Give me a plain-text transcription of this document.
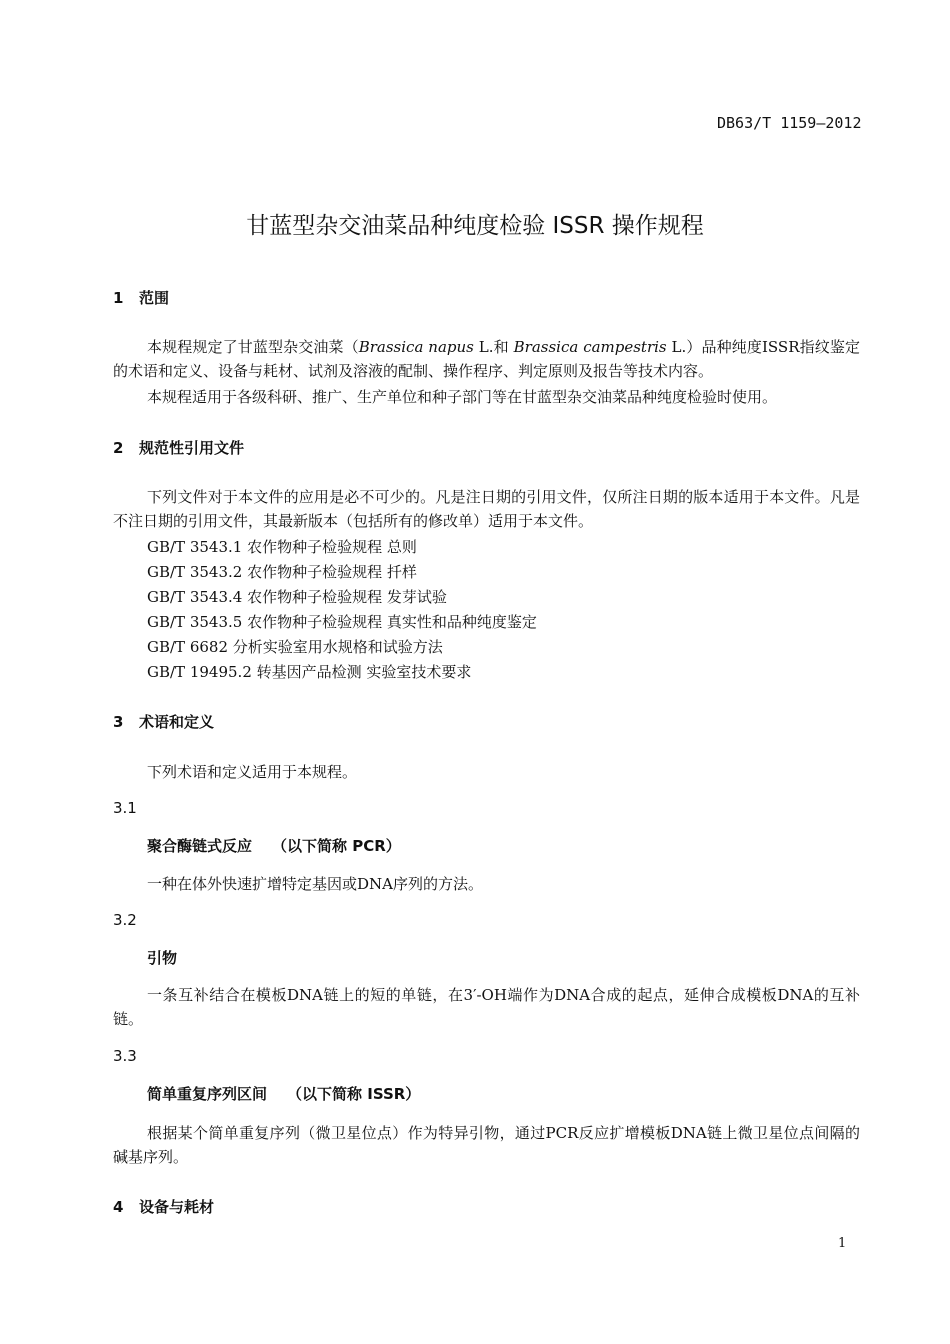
DB63/T 1159—2012
甘蓝型杂交油菜品种纯度检验 ISSR 操作规程
1 范围
本规程规定了甘蓝型杂交油菜（Brassica napus L.和 Brassica campestris L.）品种纯度ISSR指纹鉴定的术语和定义、设备与耗材、试剂及溶液的配制、操作程序、判定原则及报告等技术内容。
本规程适用于各级科研、推广、生产单位和种子部门等在甘蓝型杂交油菜品种纯度检验时使用。
2 规范性引用文件
下列文件对于本文件的应用是必不可少的。凡是注日期的引用文件，仅所注日期的版本适用于本文件。凡是不注日期的引用文件，其最新版本（包括所有的修改单）适用于本文件。
GB/T 3543.1 农作物种子检验规程 总则
GB/T 3543.2 农作物种子检验规程 扦样
GB/T 3543.4 农作物种子检验规程 发芽试验
GB/T 3543.5 农作物种子检验规程 真实性和品种纯度鉴定
GB/T 6682 分析实验室用水规格和试验方法
GB/T 19495.2 转基因产品检测 实验室技术要求
3 术语和定义
下列术语和定义适用于本规程。
3.1
聚合酶链式反应 （以下简称 PCR）
一种在体外快速扩增特定基因或DNA序列的方法。
3.2
引物
一条互补结合在模板DNA链上的短的单链，在3′-OH端作为DNA合成的起点，延伸合成模板DNA的互补链。
3.3
简单重复序列区间 （以下简称 ISSR）
根据某个简单重复序列（微卫星位点）作为特异引物，通过PCR反应扩增模板DNA链上微卫星位点间隔的碱基序列。
4 设备与耗材
1
